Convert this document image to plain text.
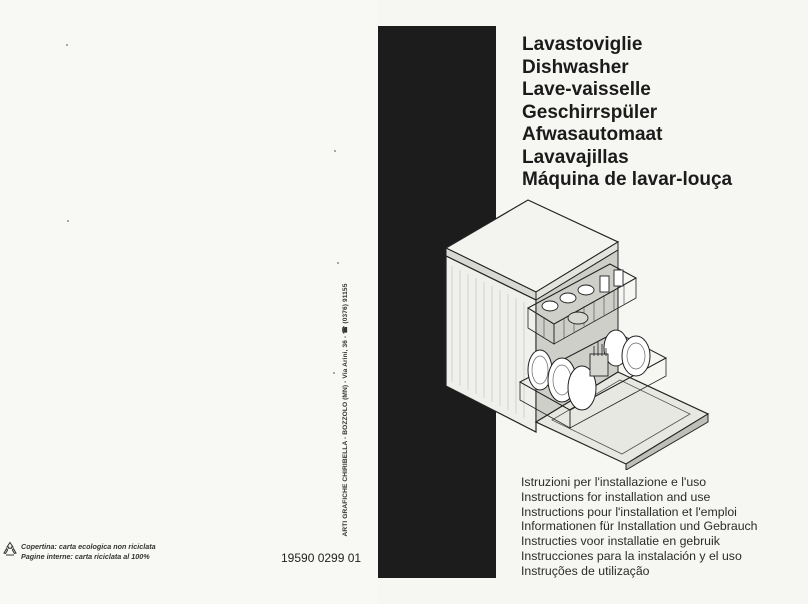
ARTI GRAFICHE CHIRIBELLA - BOZZOLO (MN) - Via Arini, 36 - ☎ (0376) 91155
19590 0299 01
Copertina: carta ecologica non riciclata
Pagine interne: carta riciclata al 100%
Lavastoviglie
Dishwasher
Lave-vaisselle
Geschirrspüler
Afwasautomaat
Lavavajillas
Máquina de lavar-louça
Istruzioni per l'installazione e l'uso
Instructions for installation and use
Instructions pour l'installation et l'emploi
Informationen für Installation und Gebrauch
Instructies voor installatie en gebruik
Instrucciones para la instalación y el uso
Instruções de utilização
